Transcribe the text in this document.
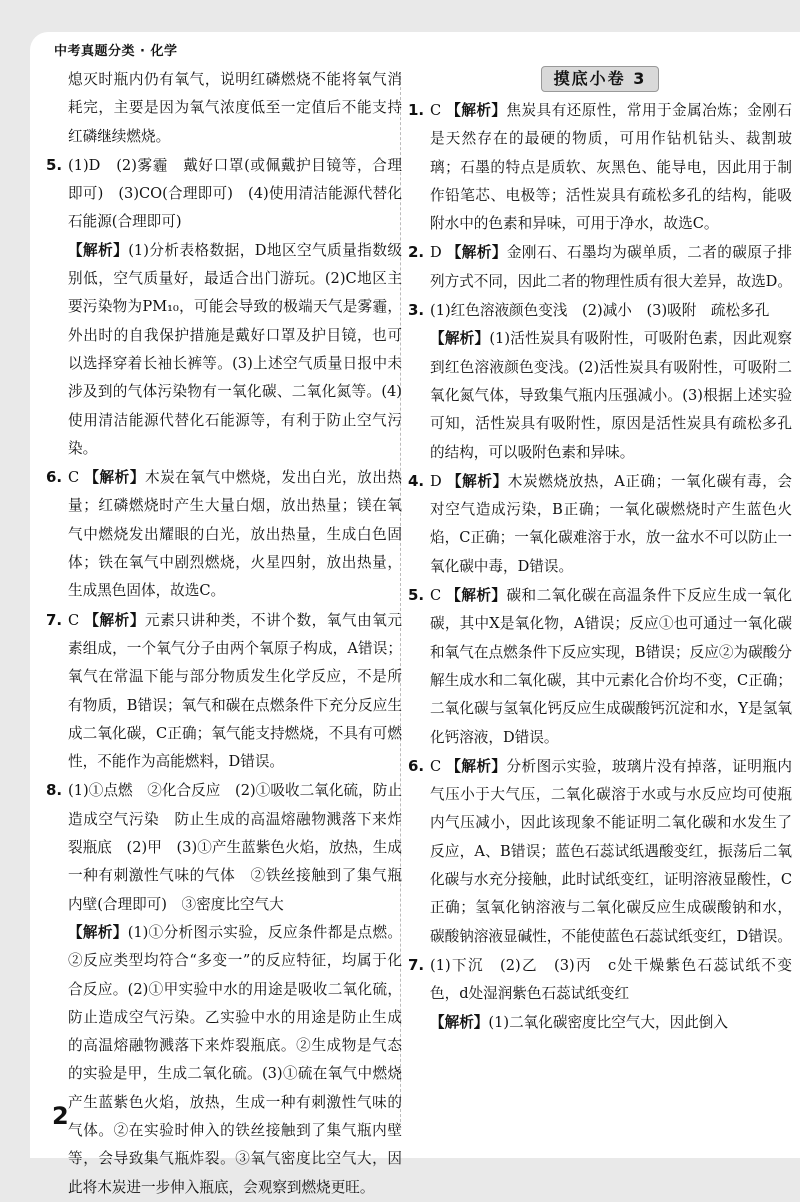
中考真题分类 · 化学

熄灭时瓶内仍有氧气，说明红磷燃烧不能将氧气消耗完，主要是因为氧气浓度低至一定值后不能支持红磷继续燃烧。

5. (1)D　(2)雾霾　戴好口罩(或佩戴护目镜等，合理即可)　(3)CO(合理即可)　(4)使用清洁能源代替化石能源(合理即可)

【解析】(1)分析表格数据，D地区空气质量指数级别低，空气质量好，最适合出门游玩。(2)C地区主要污染物为PM₁₀，可能会导致的极端天气是雾霾，外出时的自我保护措施是戴好口罩及护目镜，也可以选择穿着长袖长裤等。(3)上述空气质量日报中未涉及到的气体污染物有一氧化碳、二氧化氮等。(4)使用清洁能源代替化石能源等，有利于防止空气污染。

6. C 【解析】木炭在氧气中燃烧，发出白光，放出热量；红磷燃烧时产生大量白烟，放出热量；镁在氧气中燃烧发出耀眼的白光，放出热量，生成白色固体；铁在氧气中剧烈燃烧，火星四射，放出热量，生成黑色固体，故选C。

7. C 【解析】元素只讲种类，不讲个数，氧气由氧元素组成，一个氧气分子由两个氧原子构成，A错误；氧气在常温下能与部分物质发生化学反应，不是所有物质，B错误；氧气和碳在点燃条件下充分反应生成二氧化碳，C正确；氧气能支持燃烧，不具有可燃性，不能作为高能燃料，D错误。

8. (1)①点燃　②化合反应　(2)①吸收二氧化硫，防止造成空气污染　防止生成的高温熔融物溅落下来炸裂瓶底　(2)甲　(3)①产生蓝紫色火焰，放热，生成一种有刺激性气味的气体　②铁丝接触到了集气瓶内壁(合理即可)　③密度比空气大

【解析】(1)①分析图示实验，反应条件都是点燃。②反应类型均符合“多变一”的反应特征，均属于化合反应。(2)①甲实验中水的用途是吸收二氧化硫，防止造成空气污染。乙实验中水的用途是防止生成的高温熔融物溅落下来炸裂瓶底。②生成物是气态的实验是甲，生成二氧化硫。(3)①硫在氧气中燃烧产生蓝紫色火焰，放热，生成一种有刺激性气味的气体。②在实验时伸入的铁丝接触到了集气瓶内壁等，会导致集气瓶炸裂。③氧气密度比空气大，因此将木炭进一步伸入瓶底，会观察到燃烧更旺。

摸底小卷 3

1. C 【解析】焦炭具有还原性，常用于金属冶炼；金刚石是天然存在的最硬的物质，可用作钻机钻头、裁割玻璃；石墨的特点是质软、灰黑色、能导电，因此用于制作铅笔芯、电极等；活性炭具有疏松多孔的结构，能吸附水中的色素和异味，可用于净水，故选C。

2. D 【解析】金刚石、石墨均为碳单质，二者的碳原子排列方式不同，因此二者的物理性质有很大差异，故选D。

3. (1)红色溶液颜色变浅　(2)减小　(3)吸附　疏松多孔

【解析】(1)活性炭具有吸附性，可吸附色素，因此观察到红色溶液颜色变浅。(2)活性炭具有吸附性，可吸附二氧化氮气体，导致集气瓶内压强减小。(3)根据上述实验可知，活性炭具有吸附性，原因是活性炭具有疏松多孔的结构，可以吸附色素和异味。

4. D 【解析】木炭燃烧放热，A正确；一氧化碳有毒，会对空气造成污染，B正确；一氧化碳燃烧时产生蓝色火焰，C正确；一氧化碳难溶于水，放一盆水不可以防止一氧化碳中毒，D错误。

5. C 【解析】碳和二氧化碳在高温条件下反应生成一氧化碳，其中X是氧化物，A错误；反应①也可通过一氧化碳和氧气在点燃条件下反应实现，B错误；反应②为碳酸分解生成水和二氧化碳，其中元素化合价均不变，C正确；二氧化碳与氢氧化钙反应生成碳酸钙沉淀和水，Y是氢氧化钙溶液，D错误。

6. C 【解析】分析图示实验，玻璃片没有掉落，证明瓶内气压小于大气压，二氧化碳溶于水或与水反应均可使瓶内气压减小，因此该现象不能证明二氧化碳和水发生了反应，A、B错误；蓝色石蕊试纸遇酸变红，振荡后二氧化碳与水充分接触，此时试纸变红，证明溶液显酸性，C正确；氢氧化钠溶液与二氧化碳反应生成碳酸钠和水，碳酸钠溶液显碱性，不能使蓝色石蕊试纸变红，D错误。

7. (1)下沉　(2)乙　(3)丙　c处干燥紫色石蕊试纸不变色，d处湿润紫色石蕊试纸变红

【解析】(1)二氧化碳密度比空气大，因此倒入

2
